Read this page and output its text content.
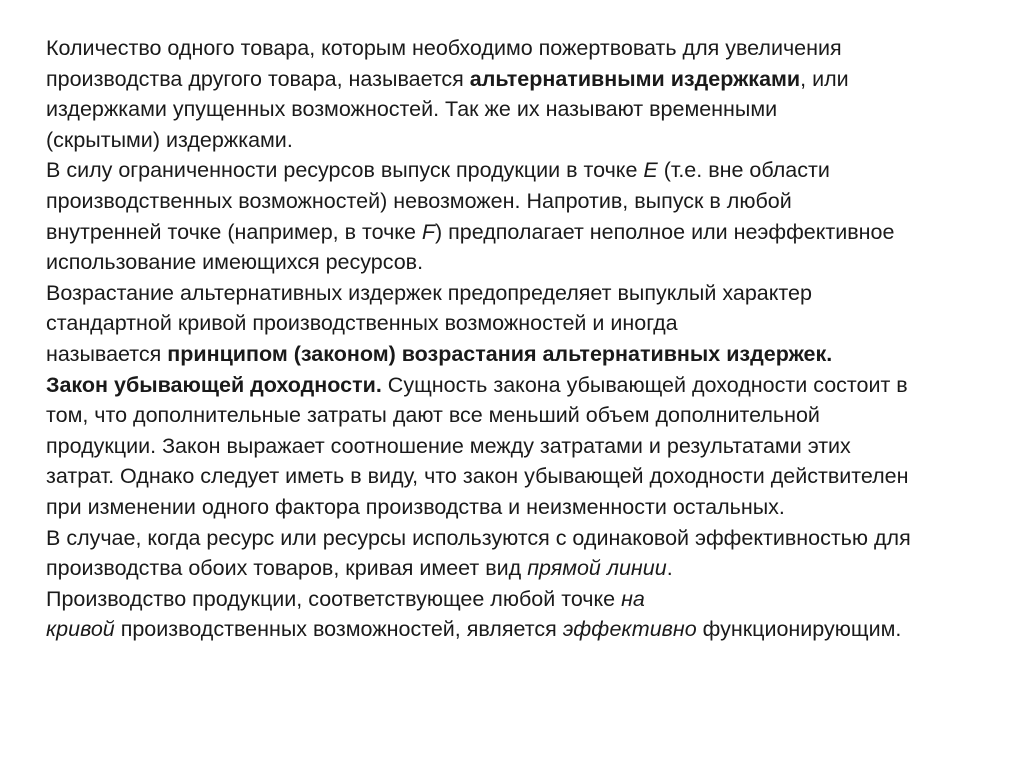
Количество одного товара, которым необходимо пожертвовать для увеличения
производства другого товара, называется альтернативными издержками, или
издержками упущенных возможностей. Так же их называют временными
(скрытыми) издержками.
В силу ограниченности ресурсов выпуск продукции в точке Е (т.е. вне области
производственных возможностей) невозможен. Напротив, выпуск в любой
внутренней точке (например, в точке F) предполагает неполное или неэффективное
использование имеющихся ресурсов.
Возрастание альтернативных издержек предопределяет выпуклый характер
стандартной кривой производственных возможностей и иногда
называется принципом (законом) возрастания альтернативных издержек.
Закон убывающей доходности. Сущность закона убывающей доходности состоит в
том, что дополнительные затраты дают все меньший объем дополнительной
продукции. Закон выражает соотношение между затратами и результатами этих
затрат. Однако следует иметь в виду, что закон убывающей доходности действителен
при изменении одного фактора производства и неизменности остальных.
В случае, когда ресурс или ресурсы используются с одинаковой эффективностью для
производства обоих товаров, кривая имеет вид прямой линии.
Производство продукции, соответствующее любой точке на
кривой производственных возможностей, является эффективно функционирующим.
